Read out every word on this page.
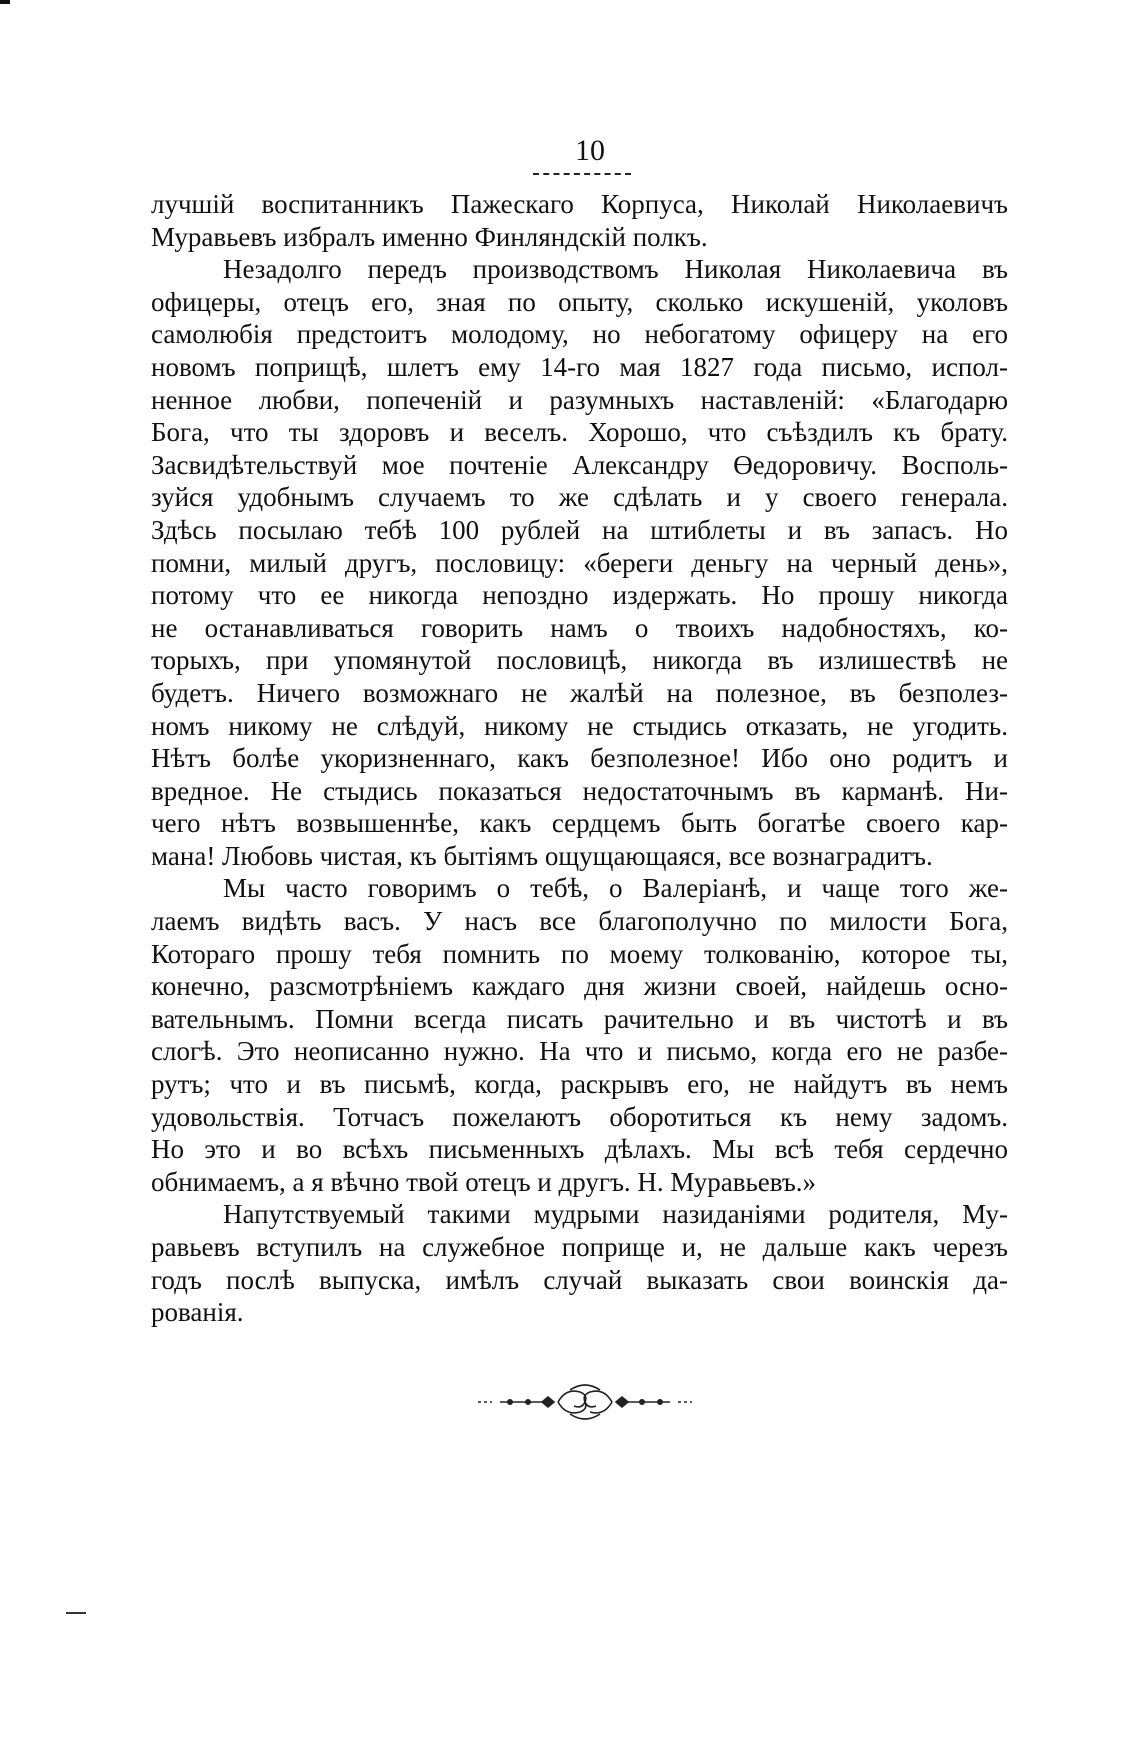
10
лучшій воспитанникъ Пажескаго Корпуса, Николай Николаевичъ
Муравьевъ избралъ именно Финляндскій полкъ.
Незадолго передъ производствомъ Николая Николаевича въ
офицеры, отецъ его, зная по опыту, сколько искушеній, уколовъ
самолюбія предстоитъ молодому, но небогатому офицеру на его
новомъ поприщѣ, шлетъ ему 14-го мая 1827 года письмо, испол-
ненное любви, попеченій и разумныхъ наставленій: «Благодарю
Бога, что ты здоровъ и веселъ. Хорошо, что съѣздилъ къ брату.
Засвидѣтельствуй мое почтеніе Александру Өедоровичу. Восполь-
зуйся удобнымъ случаемъ то же сдѣлать и у своего генерала.
Здѣсь посылаю тебѣ 100 рублей на штиблеты и въ запасъ. Но
помни, милый другъ, пословицу: «береги деньгу на черный день»,
потому что ее никогда непоздно издержать. Но прошу никогда
не останавливаться говорить намъ о твоихъ надобностяхъ, ко-
торыхъ, при упомянутой пословицѣ, никогда въ излишествѣ не
будетъ. Ничего возможнаго не жалѣй на полезное, въ безполез-
номъ никому не слѣдуй, никому не стыдись отказать, не угодить.
Нѣтъ болѣе укоризненнаго, какъ безполезное! Ибо оно родитъ и
вредное. Не стыдись показаться недостаточнымъ въ карманѣ. Ни-
чего нѣтъ возвышеннѣе, какъ сердцемъ быть богатѣе своего кар-
мана! Любовь чистая, къ бытіямъ ощущающаяся, все вознаградитъ.
Мы часто говоримъ о тебѣ, о Валеріанѣ, и чаще того же-
лаемъ видѣть васъ. У насъ все благополучно по милости Бога,
Котораго прошу тебя помнить по моему толкованію, которое ты,
конечно, разсмотрѣніемъ каждаго дня жизни своей, найдешь осно-
вательнымъ. Помни всегда писать рачительно и въ чистотѣ и въ
слогѣ. Это неописанно нужно. На что и письмо, когда его не разбе-
рутъ; что и въ письмѣ, когда, раскрывъ его, не найдутъ въ немъ
удовольствія. Тотчасъ пожелаютъ оборотиться къ нему задомъ.
Но это и во всѣхъ письменныхъ дѣлахъ. Мы всѣ тебя сердечно
обнимаемъ, а я вѣчно твой отецъ и другъ. Н. Муравьевъ.»
Напутствуемый такими мудрыми назиданіями родителя, Му-
равьевъ вступилъ на служебное поприще и, не дальше какъ черезъ
годъ послѣ выпуска, имѣлъ случай выказать свои воинскія да-
рованія.
